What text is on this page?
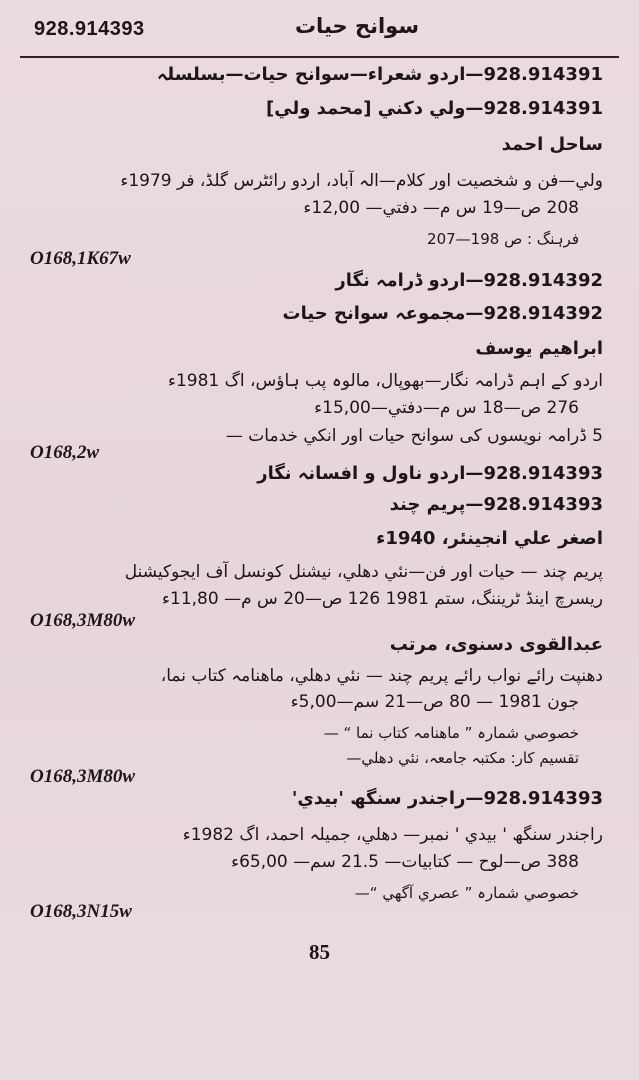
928.914393	سوانح حیات
928.914391—اردو شعراء—سوانح حیات—بسلسلہ
928.914391—ولي دکني [محمد ولي]
ساحل احمد
ولي—فن و شخصيت اور کلام—الہ آباد، اردو رائٹرس گلڈ، فر 1979ء
208 ص—19 س م— دفتي— 12,00ء
فرہنگ : ص 198—207
O168,1K67w
928.914392—اردو ڈرامہ نگار
928.914392—مجموعہ سوانح حیات
ابراھیم یوسف
اردو کے اہم ڈرامہ نگار—بھوپال، مالوہ پب ہاؤس، اگ 1981ء
276 ص—18 س م—دفتي—15,00ء
5 ڈرامہ نویسوں کی سوانح حیات اور انکي خدمات —
O168,2w
928.914393—اردو ناول و افسانہ نگار
928.914393—پریم چند
اصغر علي انجینئر، 1940ء
پریم چند — حیات اور فن—نئي دھلي، نیشنل کونسل آف ایجوکیشنل
ریسرچ اینڈ ٹریننگ، ستم 1981 126 ص—20 س م— 11,80ء
O168,3M80w
عبدالقوی دسنوی، مرتب
دھنپت رائے نواب رائے پریم چند — نئي دھلي، ماھنامہ کتاب نما،
جون 1981 — 80 ص—21 سم—5,00ء
خصوصي شمارہ ” ماھنامہ کتاب نما “ —
تقسیم کار: مکتبہ جامعہ، نئي دھلي—
O168,3M80w
928.914393—راجندر سنگھ 'بیدي'
راجندر سنگھ ' بیدي ' نمبر— دھلي، جمیلہ احمد، اگ 1982ء
388 ص—لوح — کتابیات— 21.5 سم— 65,00ء
خصوصي شمارہ ” عصري آگھي “—
O168,3N15w
85
